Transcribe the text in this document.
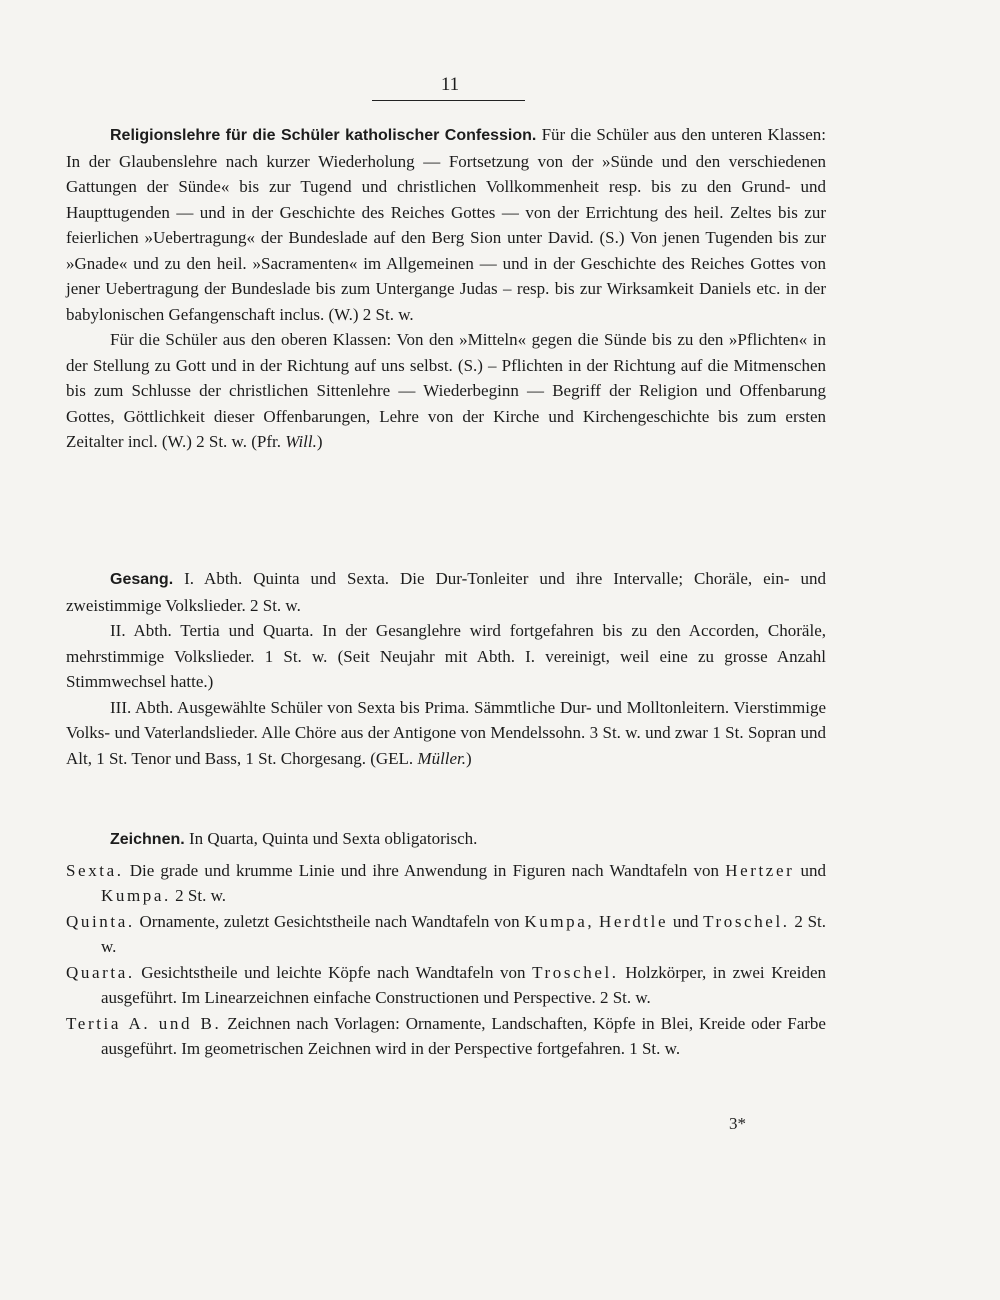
11

Religionslehre für die Schüler katholischer Confession. Für die Schüler aus den unteren Klassen: In der Glaubenslehre nach kurzer Wiederholung — Fortsetzung von der »Sünde und den verschiedenen Gattungen der Sünde« bis zur Tugend und christlichen Vollkommenheit resp. bis zu den Grund- und Haupttugenden — und in der Geschichte des Reiches Gottes — von der Errichtung des heil. Zeltes bis zur feierlichen »Uebertragung« der Bundeslade auf den Berg Sion unter David. (S.) Von jenen Tugenden bis zur »Gnade« und zu den heil. »Sacramenten« im Allgemeinen — und in der Geschichte des Reiches Gottes von jener Uebertragung der Bundeslade bis zum Untergange Judas – resp. bis zur Wirksamkeit Daniels etc. in der babylonischen Gefangenschaft inclus. (W.) 2 St. w.

Für die Schüler aus den oberen Klassen: Von den »Mitteln« gegen die Sünde bis zu den »Pflichten« in der Stellung zu Gott und in der Richtung auf uns selbst. (S.) – Pflichten in der Richtung auf die Mitmenschen bis zum Schlusse der christlichen Sittenlehre — Wiederbeginn — Begriff der Religion und Offenbarung Gottes, Göttlichkeit dieser Offenbarungen, Lehre von der Kirche und Kirchengeschichte bis zum ersten Zeitalter incl. (W.) 2 St. w. (Pfr. Will.)

Gesang. I. Abth. Quinta und Sexta. Die Dur-Tonleiter und ihre Intervalle; Choräle, ein- und zweistimmige Volkslieder. 2 St. w.

II. Abth. Tertia und Quarta. In der Gesanglehre wird fortgefahren bis zu den Accorden, Choräle, mehrstimmige Volkslieder. 1 St. w. (Seit Neujahr mit Abth. I. vereinigt, weil eine zu grosse Anzahl Stimmwechsel hatte.)

III. Abth. Ausgewählte Schüler von Sexta bis Prima. Sämmtliche Dur- und Molltonleitern. Vierstimmige Volks- und Vaterlandslieder. Alle Chöre aus der Antigone von Mendelssohn. 3 St. w. und zwar 1 St. Sopran und Alt, 1 St. Tenor und Bass, 1 St. Chorgesang. (GEL. Müller.)

Zeichnen. In Quarta, Quinta und Sexta obligatorisch.

Sexta. Die grade und krumme Linie und ihre Anwendung in Figuren nach Wandtafeln von Hertzer und Kumpa. 2 St. w.

Quinta. Ornamente, zuletzt Gesichtstheile nach Wandtafeln von Kumpa, Herdtle und Troschel. 2 St. w.

Quarta. Gesichtstheile und leichte Köpfe nach Wandtafeln von Troschel. Holzkörper, in zwei Kreiden ausgeführt. Im Linearzeichnen einfache Constructionen und Perspective. 2 St. w.

Tertia A. und B. Zeichnen nach Vorlagen: Ornamente, Landschaften, Köpfe in Blei, Kreide oder Farbe ausgeführt. Im geometrischen Zeichnen wird in der Perspective fortgefahren. 1 St. w.

3*
